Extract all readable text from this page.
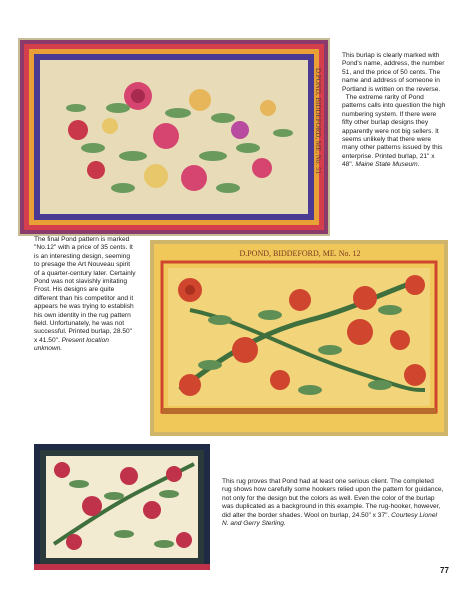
D.POND, BIDDEFORD, ME. No. 51
This burlap is clearly marked with Pond's name, address, the number 51, and the price of 50 cents. The name and address of someone in Portland is written on the reverse.
The extreme rarity of Pond patterns calls into question the high numbering system. If there were fifty other burlap designs they apparently were not big sellers. It seems unlikely that there were many other patterns issued by this enterprise. Printed burlap, 21" x 48". Maine State Museum.
D.POND, BIDDEFORD, ME. No. 12
The final Pond pattern is marked "No.12" with a price of 35 cents. It is an interesting design, seeming to presage the Art Nouveau spirit of a quarter-century later. Certainly Pond was not slavishly imitating Frost. His designs are quite different than his competitor and it appears he was trying to establish his own identity in the rug pattern field. Unfortunately, he was not successful. Printed burlap, 28.50" x 41.50". Present location unknown.
This rug proves that Pond had at least one serious client. The completed rug shows how carefully some hookers relied upon the pattern for guidance, not only for the design but the colors as well. Even the color of the burlap was duplicated as a background in this example. The rug-hooker, however, did alter the border shades. Wool on burlap, 24.50" x 37". Courtesy Lionel N. and Gerry Sterling.
77
